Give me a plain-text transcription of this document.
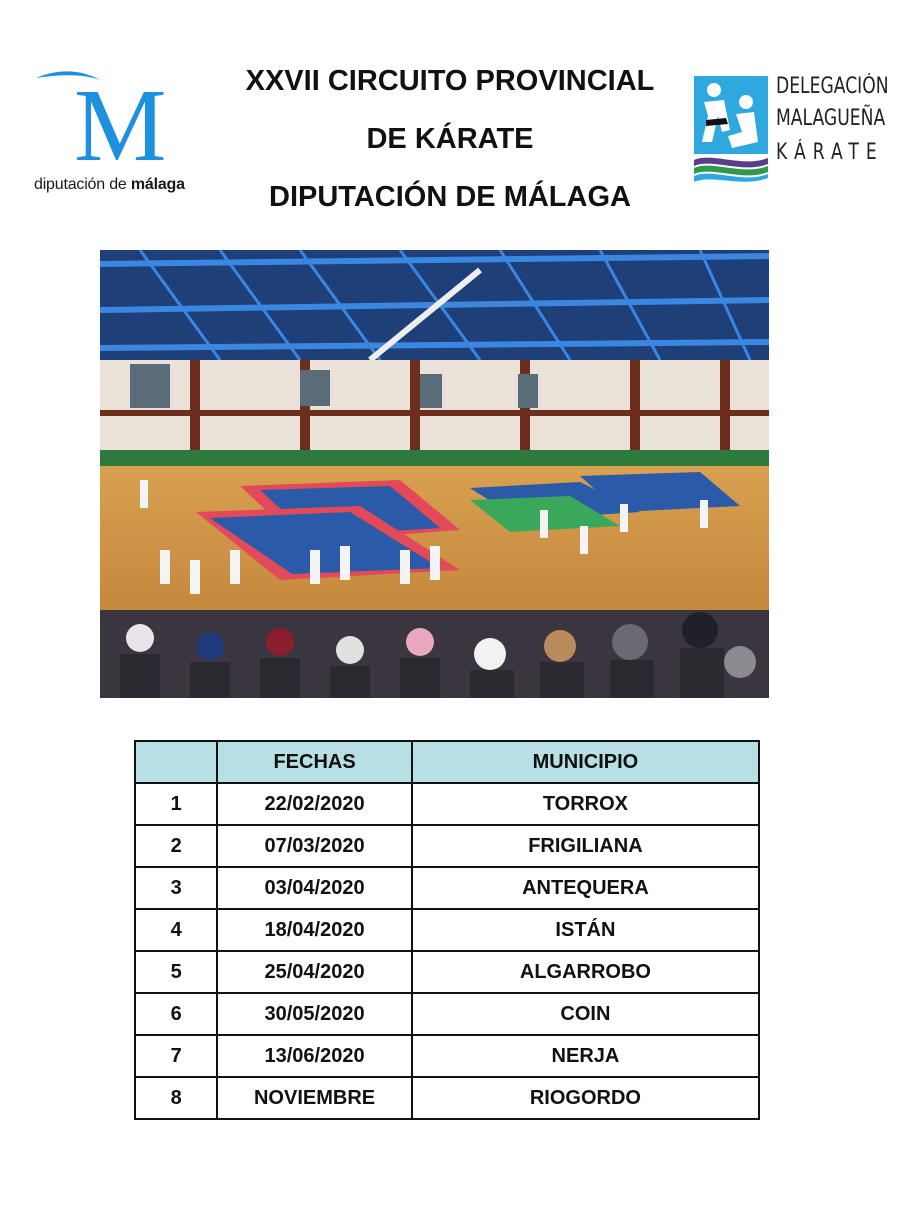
M
diputación de málaga
XXVII CIRCUITO PROVINCIAL
DE KÁRATE
DIPUTACIÓN DE MÁLAGA
DELEGACIÓN
MALAGUEÑA
KÁRATE
	FECHAS	MUNICIPIO
1	22/02/2020	TORROX
2	07/03/2020	FRIGILIANA
3	03/04/2020	ANTEQUERA
4	18/04/2020	ISTÁN
5	25/04/2020	ALGARROBO
6	30/05/2020	COIN
7	13/06/2020	NERJA
8	NOVIEMBRE	RIOGORDO
